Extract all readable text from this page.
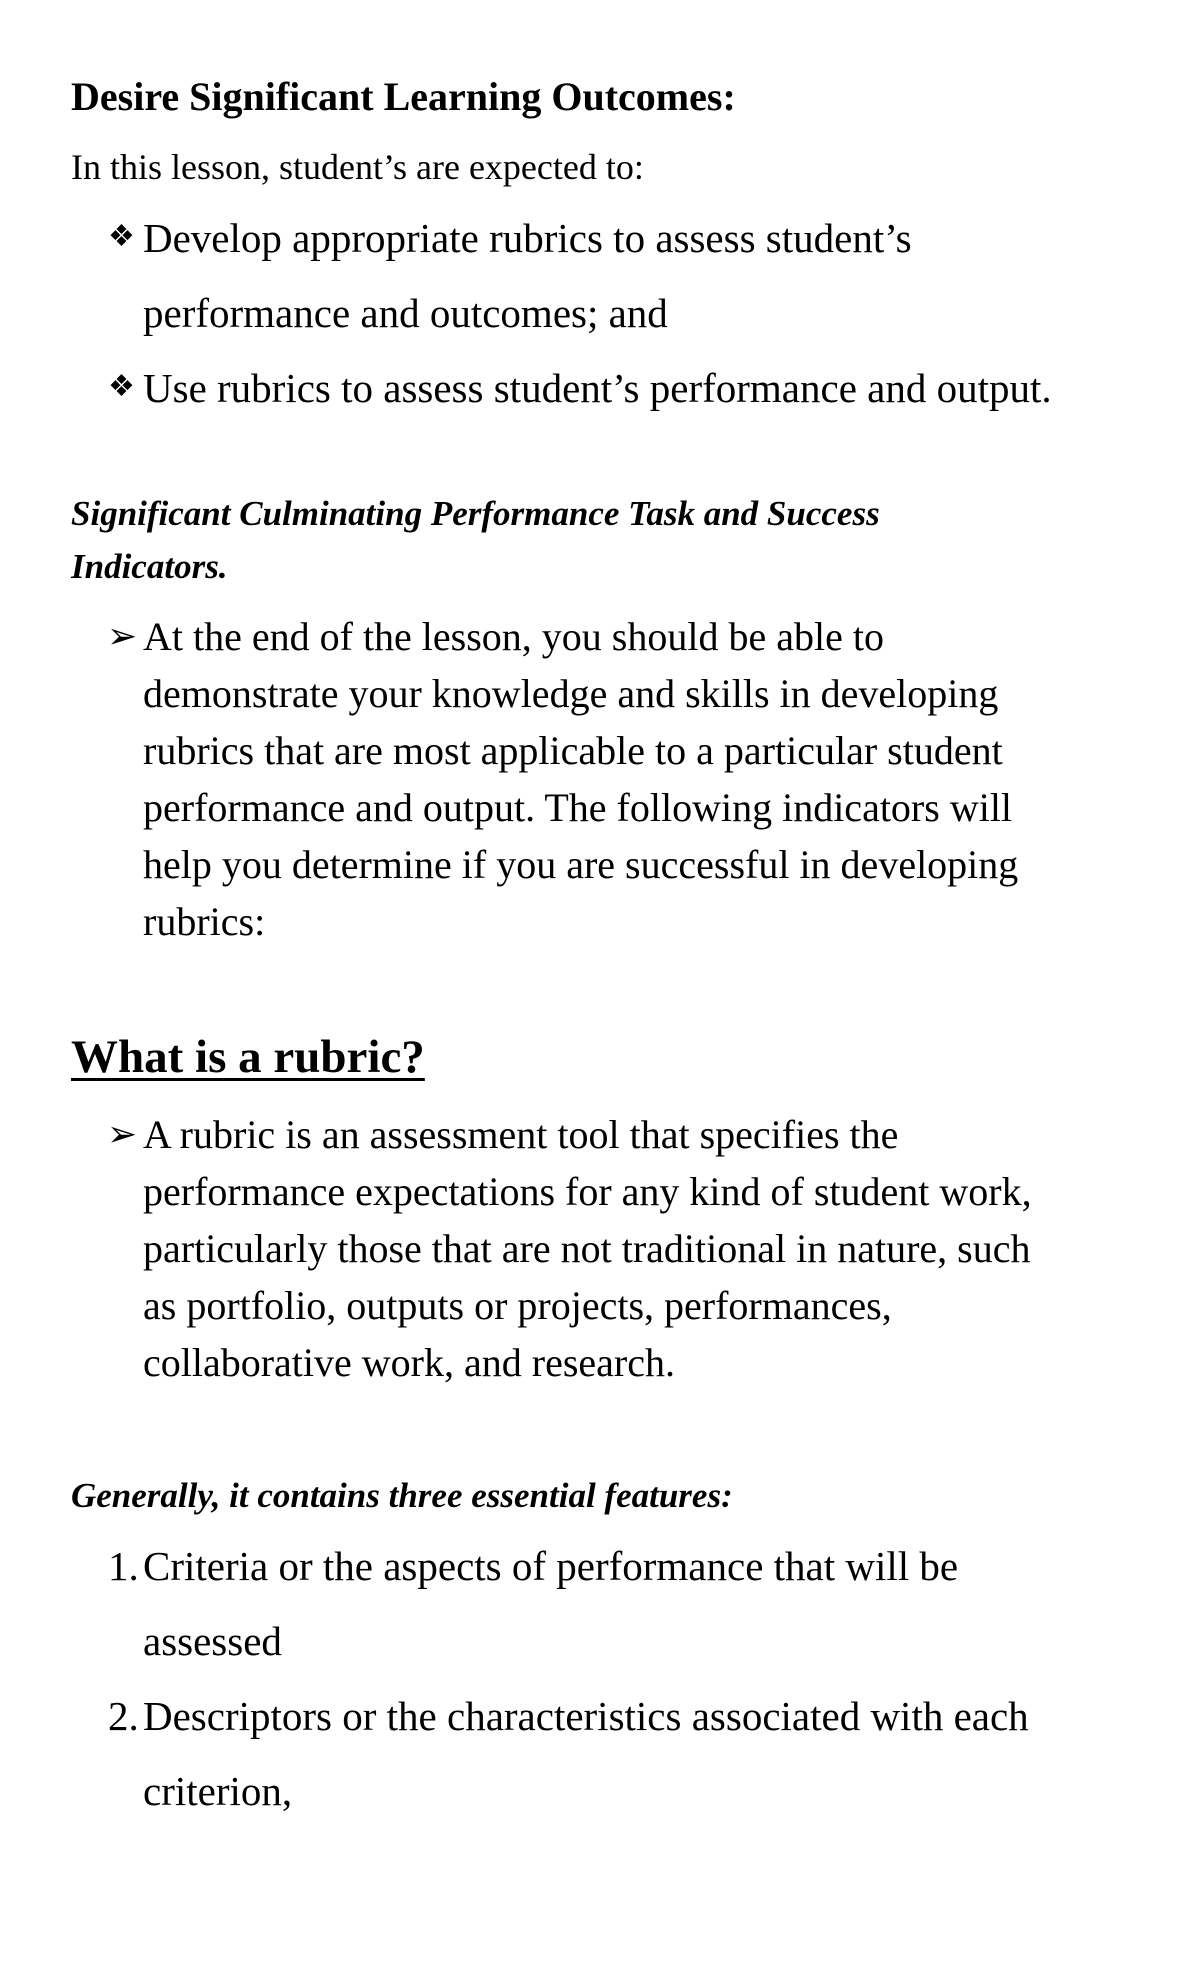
Desire Significant Learning Outcomes:

In this lesson, student’s are expected to:

❖ Develop appropriate rubrics to assess student’s

performance and outcomes; and

❖ Use rubrics to assess student’s performance and output.

Significant Culminating Performance Task and Success

Indicators.

➢ At the end of the lesson, you should be able to

demonstrate your knowledge and skills in developing

rubrics that are most applicable to a particular student

performance and output. The following indicators will

help you determine if you are successful in developing

rubrics:

What is a rubric?

➢ A rubric is an assessment tool that specifies the

performance expectations for any kind of student work,

particularly those that are not traditional in nature, such

as portfolio, outputs or projects, performances,

collaborative work, and research.

Generally, it contains three essential features:

1. Criteria or the aspects of performance that will be

assessed

2. Descriptors or the characteristics associated with each

criterion,
